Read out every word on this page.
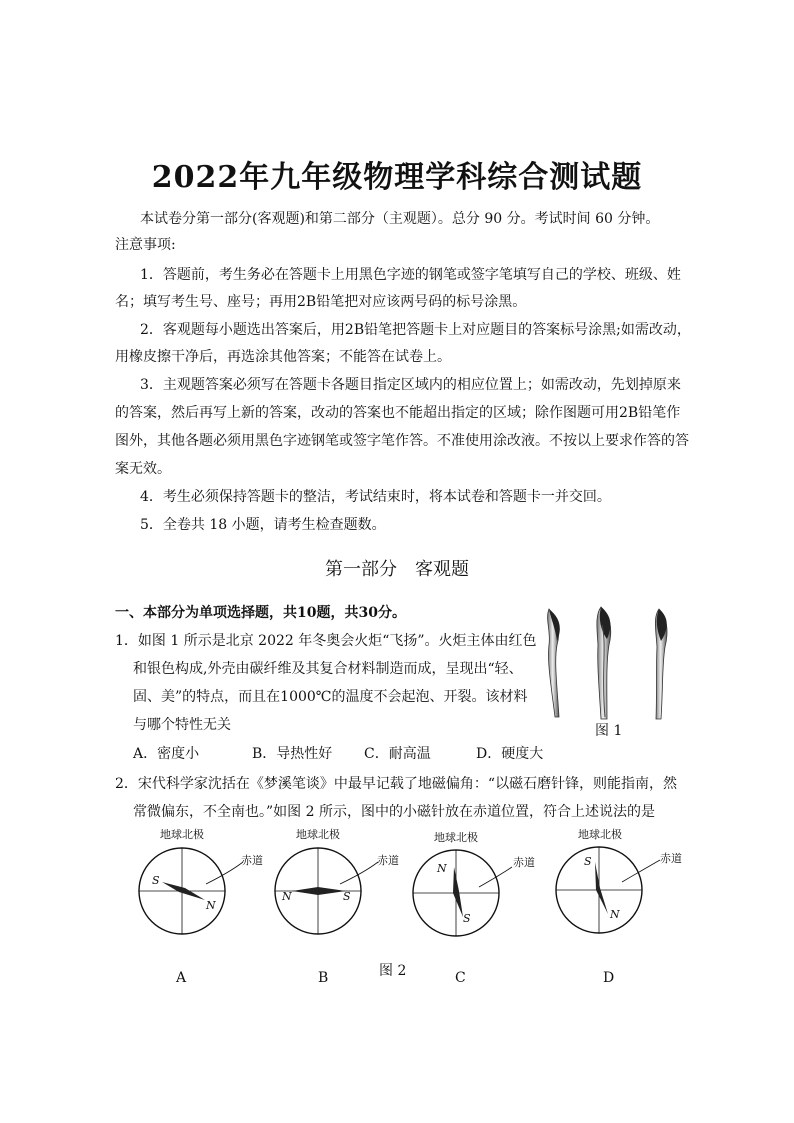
2022年九年级物理学科综合测试题
本试卷分第一部分(客观题)和第二部分（主观题）。总分 90 分。考试时间 60 分钟。
注意事项:
1．答题前，考生务必在答题卡上用黑色字迹的钢笔或签字笔填写自己的学校、班级、姓
名；填写考生号、座号；再用2B铅笔把对应该两号码的标号涂黑。
2．客观题每小题选出答案后，用2B铅笔把答题卡上对应题目的答案标号涂黑;如需改动，
用橡皮擦干净后，再选涂其他答案；不能答在试卷上。
3．主观题答案必须写在答题卡各题目指定区域内的相应位置上；如需改动，先划掉原来
的答案，然后再写上新的答案，改动的答案也不能超出指定的区域；除作图题可用2B铅笔作
图外，其他各题必须用黑色字迹钢笔或签字笔作答。不准使用涂改液。不按以上要求作答的答
案无效。
4．考生必须保持答题卡的整洁，考试结束时，将本试卷和答题卡一并交回。
5．全卷共 18 小题，请考生检查题数。
第一部分　客观题
一、本部分为单项选择题，共10题，共30分。
1．如图 1 所示是北京 2022 年冬奥会火炬“飞扬”。火炬主体由红色
和银色构成,外壳由碳纤维及其复合材料制造而成，呈现出“轻、
固、美”的特点，而且在1000℃的温度不会起泡、开裂。该材料
与哪个特性无关
A．密度小	B．导热性好 C．耐高温	D．硬度大
图 1
2．宋代科学家沈括在《梦溪笔谈》中最早记载了地磁偏角：“以磁石磨针锋，则能指南，然
常微偏东，不全南也。”如图 2 所示，图中的小磁针放在赤道位置，符合上述说法的是
地球北极
赤道
S
N
A
地球北极
赤道
N	S
B
地球北极
赤道
N
S
C
地球北极
赤道
S
N
D
图 2
